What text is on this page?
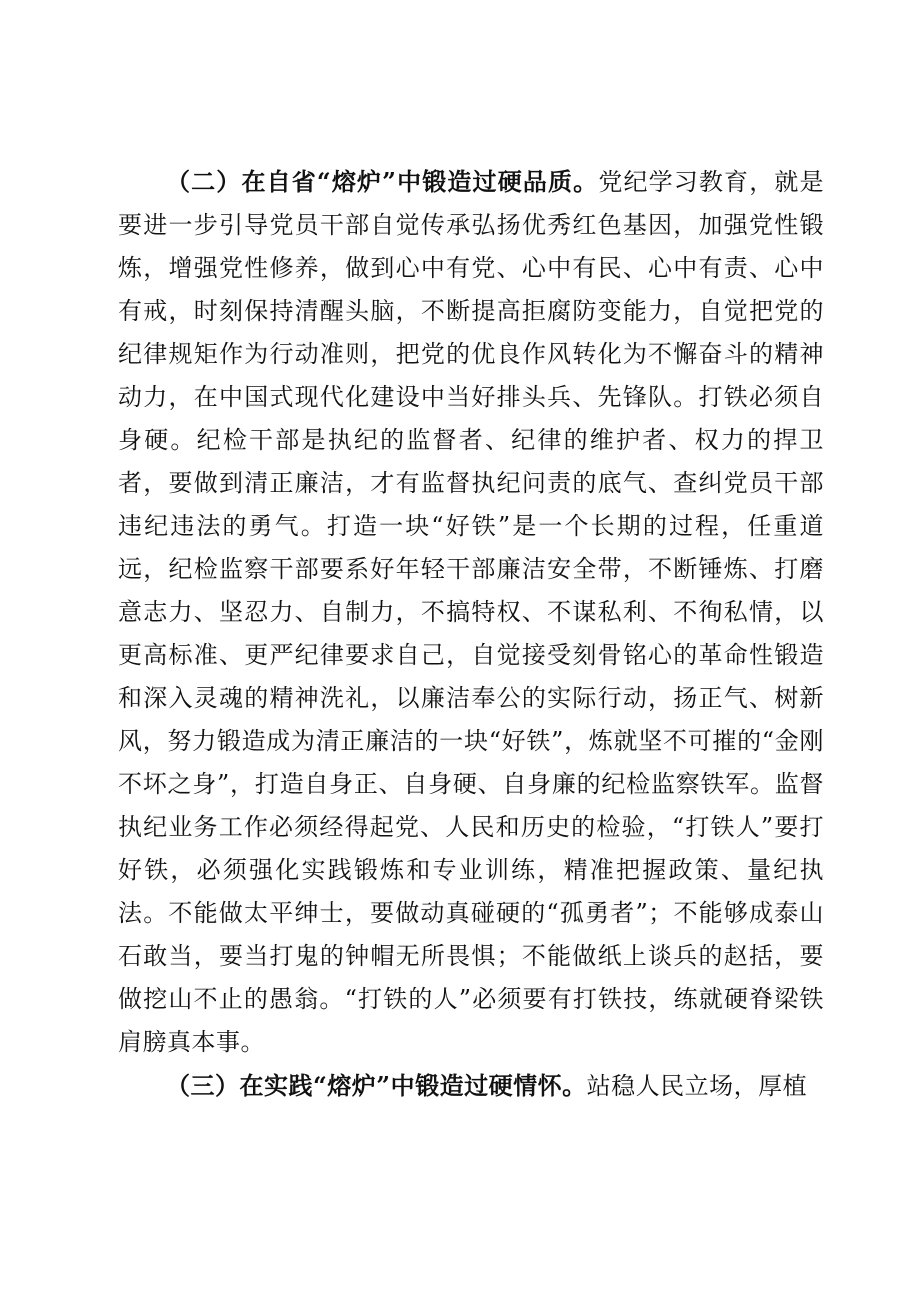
（二）在自省“熔炉”中锻造过硬品质。党纪学习教育，就是要进一步引导党员干部自觉传承弘扬优秀红色基因，加强党性锻炼，增强党性修养，做到心中有党、心中有民、心中有责、心中有戒，时刻保持清醒头脑，不断提高拒腐防变能力，自觉把党的纪律规矩作为行动准则，把党的优良作风转化为不懈奋斗的精神动力，在中国式现代化建设中当好排头兵、先锋队。打铁必须自身硬。纪检干部是执纪的监督者、纪律的维护者、权力的捍卫者，要做到清正廉洁，才有监督执纪问责的底气、查纠党员干部违纪违法的勇气。打造一块“好铁”是一个长期的过程，任重道远，纪检监察干部要系好年轻干部廉洁安全带，不断锤炼、打磨意志力、坚忍力、自制力，不搞特权、不谋私利、不徇私情，以更高标准、更严纪律要求自己，自觉接受刻骨铭心的革命性锻造和深入灵魂的精神洗礼，以廉洁奉公的实际行动，扬正气、树新风，努力锻造成为清正廉洁的一块“好铁”，炼就坚不可摧的“金刚不坏之身”，打造自身正、自身硬、自身廉的纪检监察铁军。监督执纪业务工作必须经得起党、人民和历史的检验，“打铁人”要打好铁，必须强化实践锻炼和专业训练，精准把握政策、量纪执法。不能做太平绅士，要做动真碰硬的“孤勇者”；不能够成泰山石敢当，要当打鬼的钟帽无所畏惧；不能做纸上谈兵的赵括，要做挖山不止的愚翁。“打铁的人”必须要有打铁技，练就硬脊梁铁肩膀真本事。

（三）在实践“熔炉”中锻造过硬情怀。站稳人民立场，厚植
